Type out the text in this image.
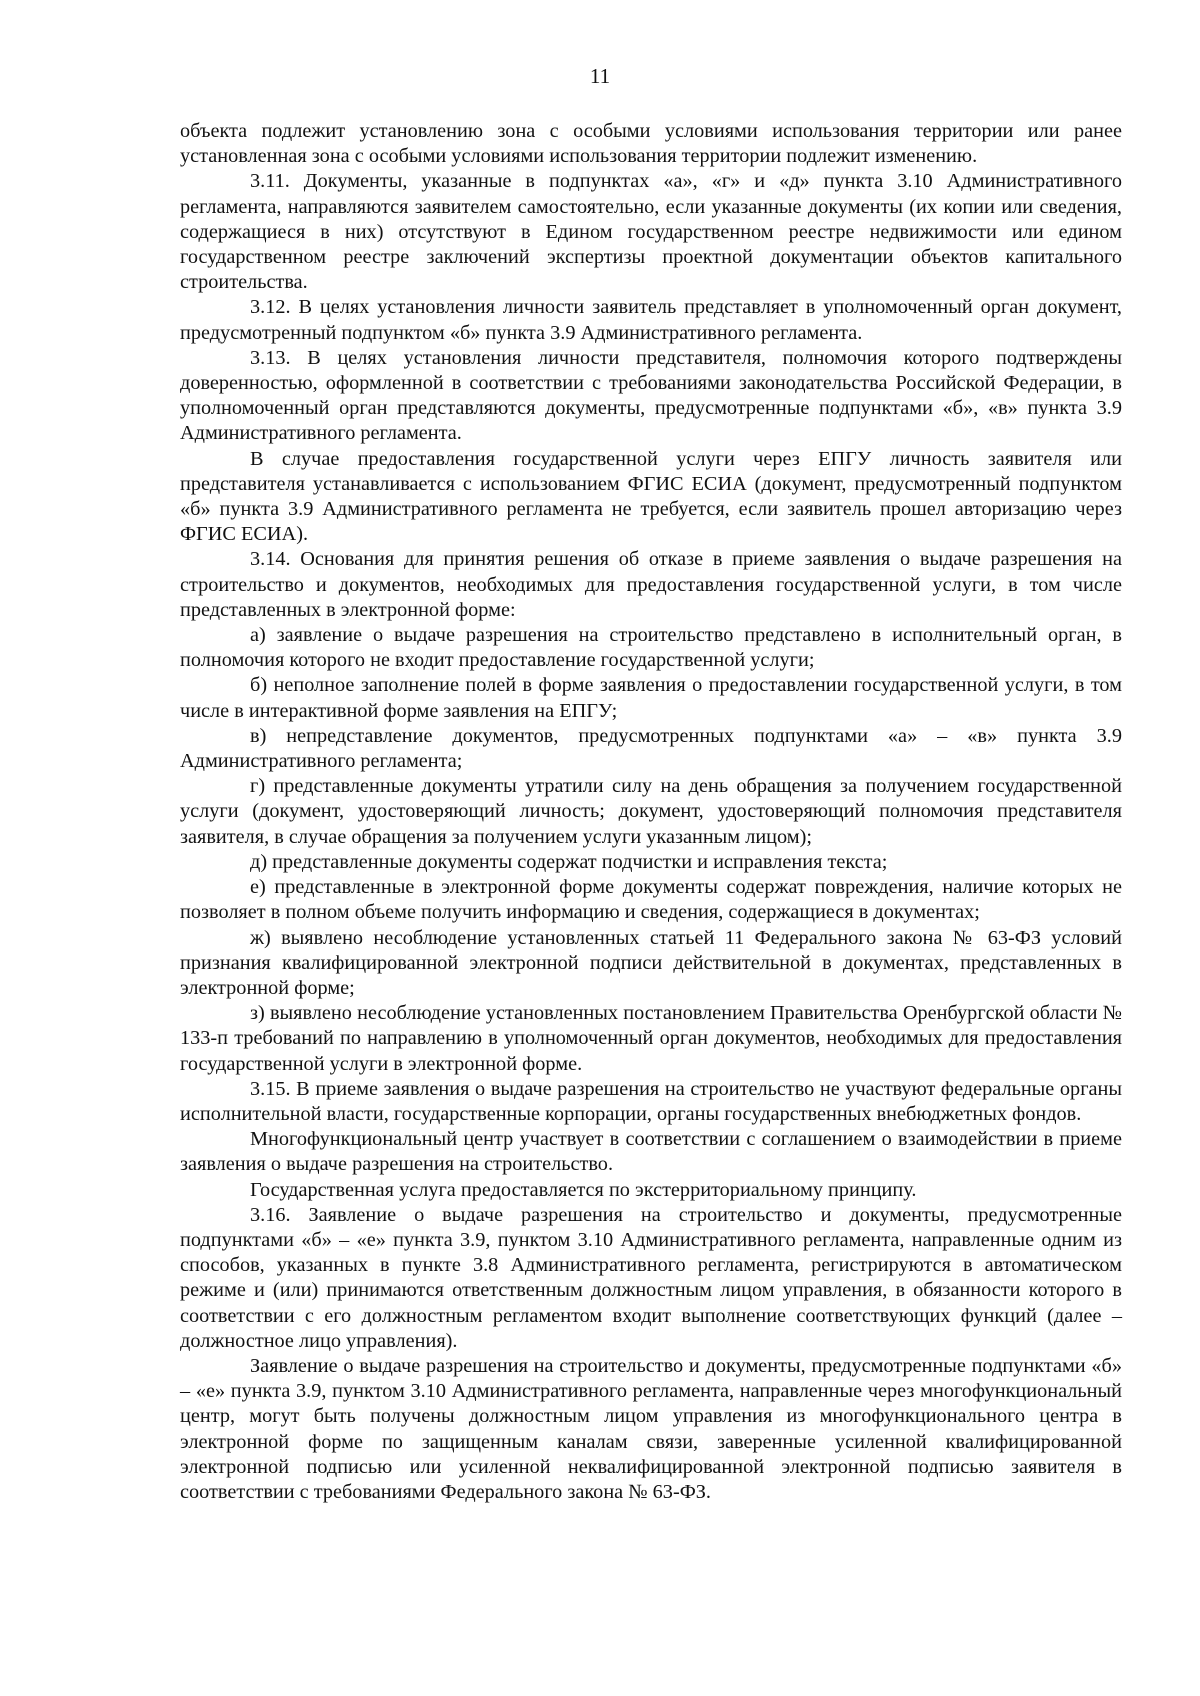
11

объекта подлежит установлению зона с особыми условиями использования территории или ранее установленная зона с особыми условиями использования территории подлежит изменению.

3.11. Документы, указанные в подпунктах «а», «г» и «д» пункта 3.10 Административного регламента, направляются заявителем самостоятельно, если указанные документы (их копии или сведения, содержащиеся в них) отсутствуют в Едином государственном реестре недвижимости или едином государственном реестре заключений экспертизы проектной документации объектов капитального строительства.

3.12. В целях установления личности заявитель представляет в уполномоченный орган документ, предусмотренный подпунктом «б» пункта 3.9 Административного регламента.

3.13. В целях установления личности представителя, полномочия которого подтверждены доверенностью, оформленной в соответствии с требованиями законодательства Российской Федерации, в уполномоченный орган представляются документы, предусмотренные подпунктами «б», «в» пункта 3.9 Административного регламента.

В случае предоставления государственной услуги через ЕПГУ личность заявителя или представителя устанавливается с использованием ФГИС ЕСИА (документ, предусмотренный подпунктом «б» пункта 3.9 Административного регламента не требуется, если заявитель прошел авторизацию через ФГИС ЕСИА).

3.14. Основания для принятия решения об отказе в приеме заявления о выдаче разрешения на строительство и документов, необходимых для предоставления государственной услуги, в том числе представленных в электронной форме:

а) заявление о выдаче разрешения на строительство представлено в исполнительный орган, в полномочия которого не входит предоставление государственной услуги;

б) неполное заполнение полей в форме заявления о предоставлении государственной услуги, в том числе в интерактивной форме заявления на ЕПГУ;

в) непредставление документов, предусмотренных подпунктами «а» – «в» пункта 3.9 Административного регламента;

г) представленные документы утратили силу на день обращения за получением государственной услуги (документ, удостоверяющий личность; документ, удостоверяющий полномочия представителя заявителя, в случае обращения за получением услуги указанным лицом);

д) представленные документы содержат подчистки и исправления текста;

е) представленные в электронной форме документы содержат повреждения, наличие которых не позволяет в полном объеме получить информацию и сведения, содержащиеся в документах;

ж) выявлено несоблюдение установленных статьей 11 Федерального закона № 63-ФЗ условий признания квалифицированной электронной подписи действительной в документах, представленных в электронной форме;

з) выявлено несоблюдение установленных постановлением Правительства Оренбургской области № 133-п требований по направлению в уполномоченный орган документов, необходимых для предоставления государственной услуги в электронной форме.

3.15. В приеме заявления о выдаче разрешения на строительство не участвуют федеральные органы исполнительной власти, государственные корпорации, органы государственных внебюджетных фондов.

Многофункциональный центр участвует в соответствии с соглашением о взаимодействии в приеме заявления о выдаче разрешения на строительство.

Государственная услуга предоставляется по экстерриториальному принципу.

3.16. Заявление о выдаче разрешения на строительство и документы, предусмотренные подпунктами «б» – «е» пункта 3.9, пунктом 3.10 Административного регламента, направленные одним из способов, указанных в пункте 3.8 Административного регламента, регистрируются в автоматическом режиме и (или) принимаются ответственным должностным лицом управления, в обязанности которого в соответствии с его должностным регламентом входит выполнение соответствующих функций (далее – должностное лицо управления).

Заявление о выдаче разрешения на строительство и документы, предусмотренные подпунктами «б» – «е» пункта 3.9, пунктом 3.10 Административного регламента, направленные через многофункциональный центр, могут быть получены должностным лицом управления из многофункционального центра в электронной форме по защищенным каналам связи, заверенные усиленной квалифицированной электронной подписью или усиленной неквалифицированной электронной подписью заявителя в соответствии с требованиями Федерального закона № 63-ФЗ.
